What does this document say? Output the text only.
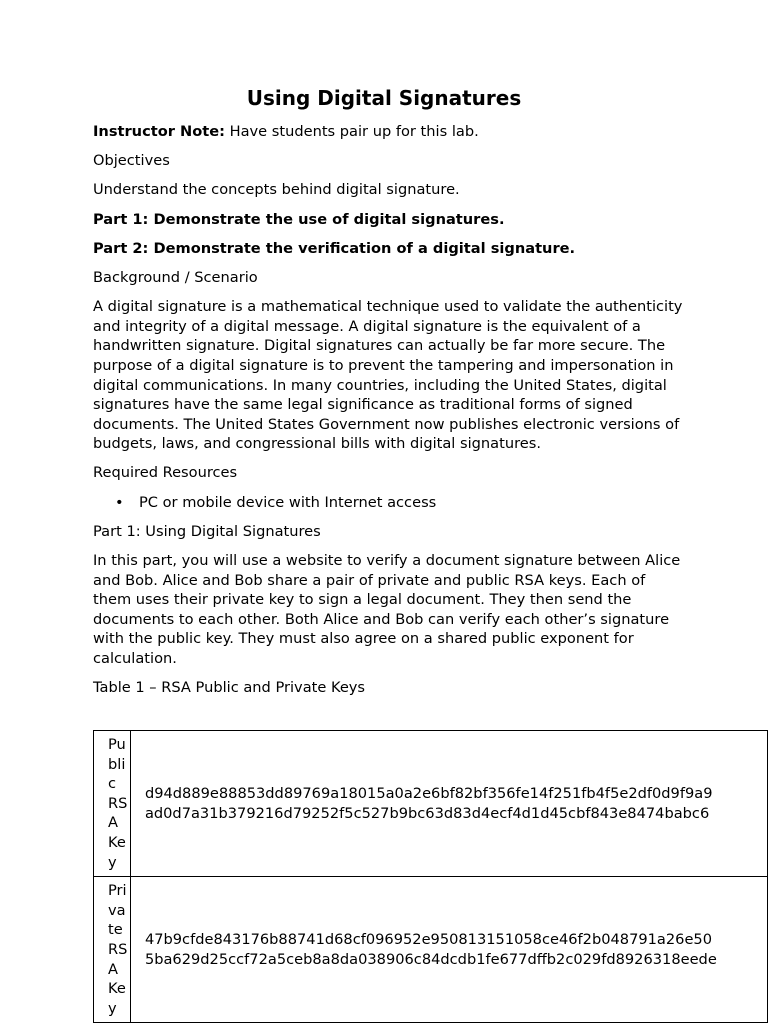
Using Digital Signatures

Instructor Note: Have students pair up for this lab.

Objectives

Understand the concepts behind digital signature.

Part 1: Demonstrate the use of digital signatures.

Part 2: Demonstrate the verification of a digital signature.

Background / Scenario

A digital signature is a mathematical technique used to validate the authenticity and integrity of a digital message. A digital signature is the equivalent of a handwritten signature. Digital signatures can actually be far more secure. The purpose of a digital signature is to prevent the tampering and impersonation in digital communications. In many countries, including the United States, digital signatures have the same legal significance as traditional forms of signed documents. The United States Government now publishes electronic versions of budgets, laws, and congressional bills with digital signatures.

Required Resources

• PC or mobile device with Internet access

Part 1: Using Digital Signatures

In this part, you will use a website to verify a document signature between Alice and Bob. Alice and Bob share a pair of private and public RSA keys. Each of them uses their private key to sign a legal document. They then send the documents to each other. Both Alice and Bob can verify each other’s signature with the public key. They must also agree on a shared public exponent for calculation.

Table 1 – RSA Public and Private Keys

Public RSA Key	d94d889e88853dd89769a18015a0a2e6bf82bf356fe14f251fb4f5e2df0d9f9a9
ad0d7a31b379216d79252f5c527b9bc63d83d4ecf4d1d45cbf843e8474babc6

Private RSA Key	47b9cfde843176b88741d68cf096952e950813151058ce46f2b048791a26e50
5ba629d25ccf72a5ceb8a8da038906c84dcdb1fe677dffb2c029fd8926318eede
